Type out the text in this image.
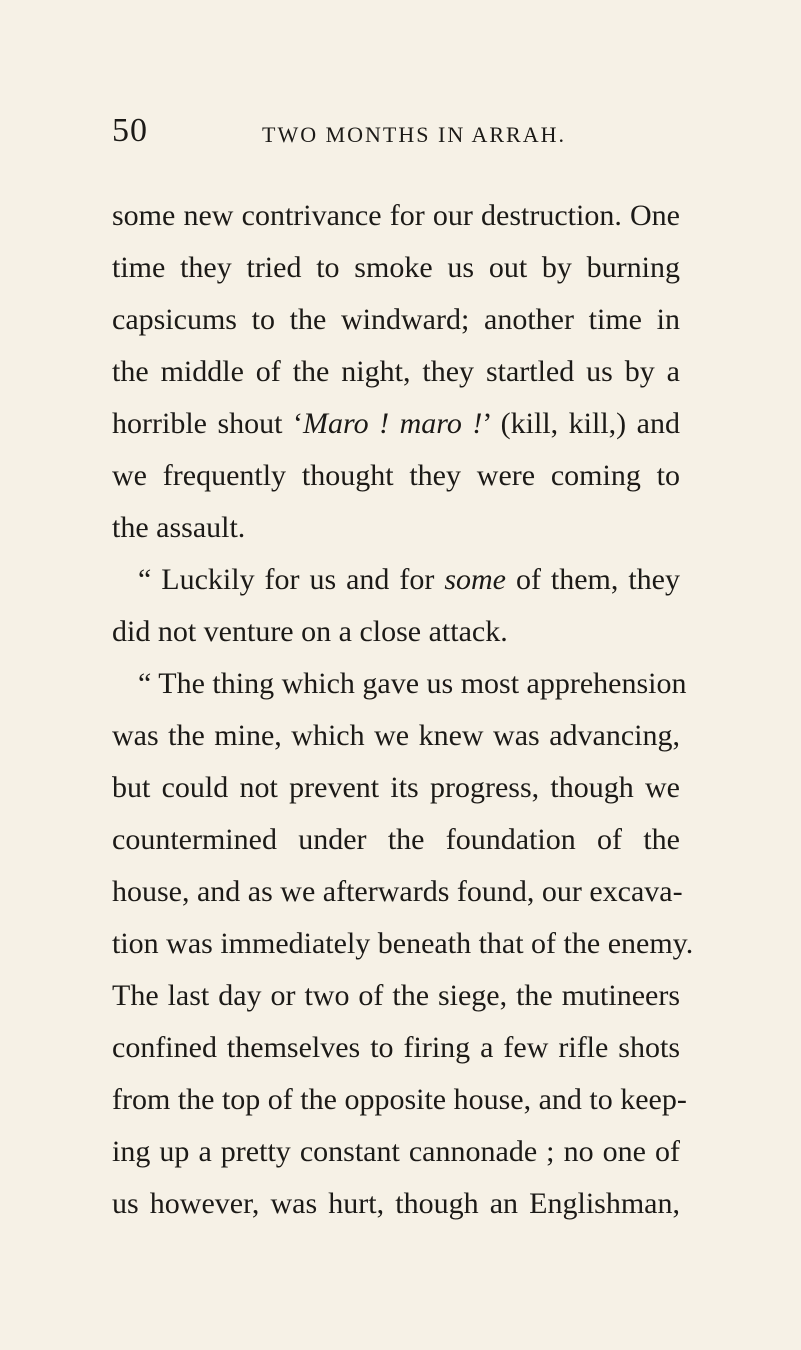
50	TWO MONTHS IN ARRAH.
some new contrivance for our destruction. One
time they tried to smoke us out by burning
capsicums to the windward; another time in
the middle of the night, they startled us by a
horrible shout ‘Maro ! maro !’ (kill, kill,) and
we frequently thought they were coming to
the assault.
“ Luckily for us and for some of them, they
did not venture on a close attack.
“ The thing which gave us most apprehension
was the mine, which we knew was advancing,
but could not prevent its progress, though we
countermined under the foundation of the
house, and as we afterwards found, our excava-
tion was immediately beneath that of the enemy.
The last day or two of the siege, the mutineers
confined themselves to firing a few rifle shots
from the top of the opposite house, and to keep-
ing up a pretty constant cannonade ; no one of
us however, was hurt, though an Englishman,
